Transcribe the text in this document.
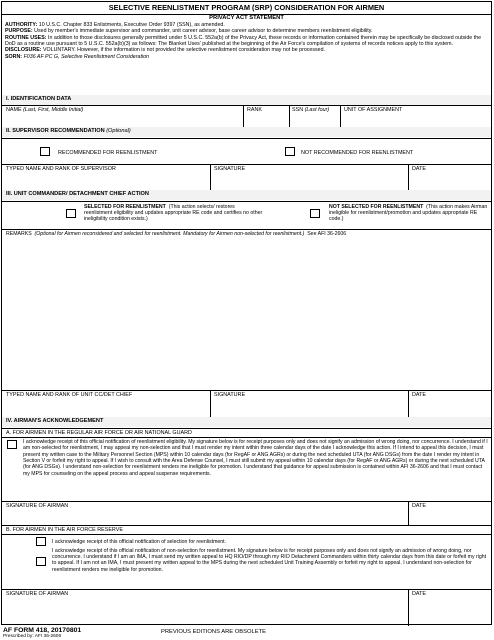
SELECTIVE REENLISTMENT PROGRAM (SRP) CONSIDERATION FOR AIRMEN
PRIVACY ACT STATEMENT
AUTHORITY: 10 U.S.C. Chapter 833 Enlistments, Executive Order 9397 (SSN), as amended.
PURPOSE: Used by member's immediate supervisor and commander, unit career advisor, base career advisor to determine members reenlistment eligibility.
ROUTINE USES: In addition to those disclosures generally permitted under 5 U.S.C. 552a(b) of the Privacy Act, these records or information contained therein may be specifically be disclosed outside the DoD as a routine use pursuant to 5 U.S.C. 552a(b)(3) as follows: The Blanket Uses' published at the beginning of the Air Force's compilation of systems of records notices apply to this system.
DISCLOSURE: VOLUNTARY. However, if the information is not provided the selective reenlistment consideration may not be processed.
SORN: F036 AF PC G, Selective Reenlistment Consideration
I. IDENTIFICATION DATA
NAME (Last, First, Middle Initial)	RANK	SSN (Last four)	UNIT OF ASSIGNMENT
II. SUPERVISOR RECOMMENDATION (Optional)
RECOMMENDED FOR REENLISTMENT	NOT RECOMMENDED FOR REENLISTMENT
TYPED NAME AND RANK OF SUPERVISOR	SIGNATURE	DATE
III. UNIT COMMANDER/ DETACHMENT CHIEF ACTION
SELECTED FOR REENLISTMENT (This action selects/ restores reenlistment eligibility and updates appropriate RE code and certifies no other ineligibility condition exists.)
NOT SELECTED FOR REENLISTMENT (This action makes Airman ineligible for reenlistment/promotion and updates appropriate RE code.)
REMARKS (Optional for Airmen reconsidered and selected for reenlistment. Mandatory for Airmen non-selected for reenlistment.) See AFI 36-2606
TYPED NAME AND RANK OF UNIT CC/DET CHIEF	SIGNATURE	DATE
IV. AIRMAN'S ACKNOWLEDGEMENT
A. FOR AIRMEN IN THE REGULAR AIR FORCE OR AIR NATIONAL GUARD
I acknowledge receipt of this official notification of reenlistment eligibility. My signature below is for receipt purposes only and does not signify an admission of wrong doing, nor concurrence. I understand if I am non-selected for reenlistment, I may appeal my non-selection and that I must render my intent within three calendar days of the date I acknowledge this action. If I intend to appeal this decision, I must present my written case to the Military Personnel Section (MPS) within 10 calendar days (for RegAF or ANG AGRs) or during the next scheduled UTA (for ANG DSGs) from the date I render my intent in Section V or forfeit my right to appeal. If I wish to consult with the Area Defense Counsel, I must still submit my appeal within 10 calendar days (for RegAF or ANG AGRs) or during the next scheduled UTA (for ANG DSGs). I understand non-selection for reenlistment renders me ineligible for promotion. I understand that guidance for appeal submission is contained within AFI 36-2606 and that I must contact my MPS for counseling on the appeal process and appeal suspense requirements.
SIGNATURE OF AIRMAN	DATE
B. FOR AIRMEN IN THE AIR FORCE RESERVE
I acknowledge receipt of this official notification of selection for reenlistment.
I acknowledge receipt of this official notification of non-selection for reenlistment. My signature below is for receipt purposes only and does not signify an admission of wrong doing, nor concurrence. I understand if I am an IMA, I must send my written appeal to HQ RIO/DP through my RIO Detachment Commanders within thirty calendar days from this date or forfeit my right to appeal. If I am not an IMA, I must present my written appeal to the MPS during the next scheduled Unit Training Assembly or forfeit my right to appeal. I understand non-selection for reenlistment renders me ineligible for promotion.
SIGNATURE OF AIRMAN	DATE
AF FORM 418, 20170801
Prescribed by: AFI 36-2606
PREVIOUS EDITIONS ARE OBSOLETE
